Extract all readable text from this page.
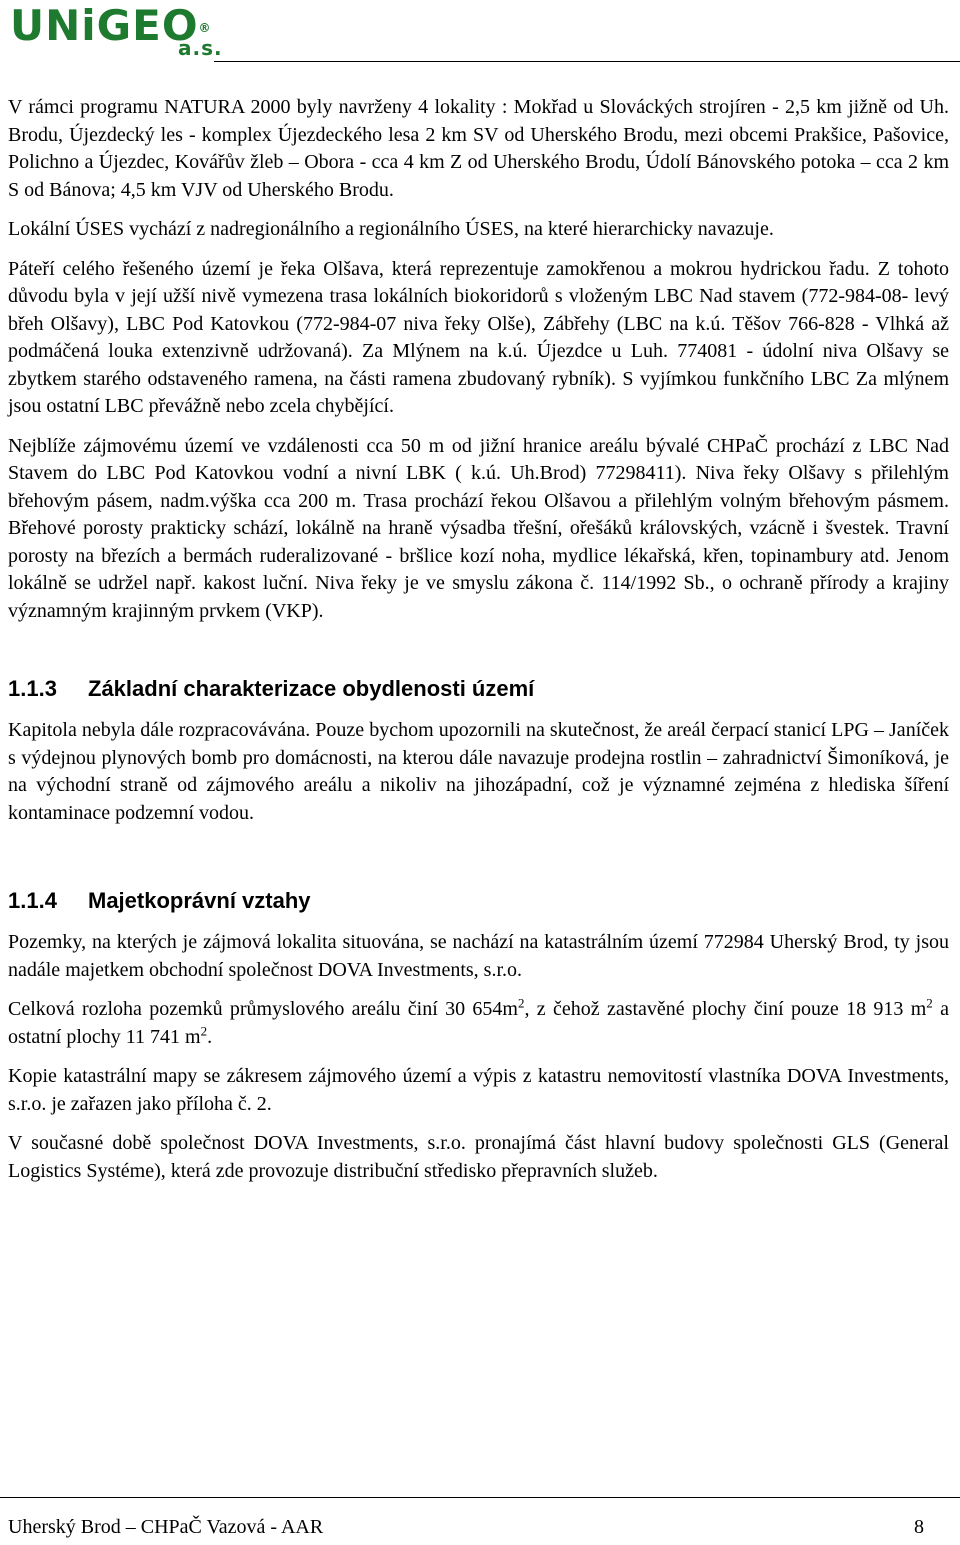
UNiGEO®
a.s.

V rámci programu NATURA 2000 byly navrženy 4 lokality : Mokřad u Slováckých strojíren - 2,5 km jižně od Uh. Brodu, Újezdecký les - komplex Újezdeckého lesa 2 km SV od Uherského Brodu, mezi obcemi Prakšice, Pašovice, Polichno a Újezdec, Kovářův žleb – Obora - cca 4 km Z od Uherského Brodu, Údolí Bánovského potoka – cca 2 km S od Bánova; 4,5 km VJV od Uherského Brodu.

Lokální ÚSES vychází z nadregionálního a regionálního ÚSES, na které hierarchicky navazuje.

Páteří celého řešeného území je řeka Olšava, která reprezentuje zamokřenou a mokrou hydrickou řadu. Z tohoto důvodu byla v její užší nivě vymezena trasa lokálních biokoridorů s vloženým LBC Nad stavem (772-984-08- levý břeh Olšavy), LBC Pod Katovkou (772-984-07 niva řeky Olše), Zábřehy (LBC na k.ú. Těšov 766-828 - Vlhká až podmáčená louka extenzivně udržovaná). Za Mlýnem na k.ú. Újezdce u Luh. 774081 - údolní niva Olšavy se zbytkem starého odstaveného ramena, na části ramena zbudovaný rybník). S vyjímkou funkčního LBC Za mlýnem jsou ostatní LBC převážně nebo zcela chybějící.

Nejblíže zájmovému území ve vzdálenosti cca 50 m od jižní hranice areálu bývalé CHPaČ prochází z LBC Nad Stavem do LBC Pod Katovkou vodní a nivní LBK ( k.ú. Uh.Brod) 77298411). Niva řeky Olšavy s přilehlým břehovým pásem, nadm.výška cca 200 m. Trasa prochází řekou Olšavou a přilehlým volným břehovým pásmem. Břehové porosty prakticky schází, lokálně na hraně výsadba třešní, ořešáků královských, vzácně i švestek. Travní porosty na březích a bermách ruderalizované - bršlice kozí noha, mydlice lékařská, křen, topinambury atd. Jenom lokálně se udržel např. kakost luční. Niva řeky je ve smyslu zákona č. 114/1992 Sb., o ochraně přírody a krajiny významným krajinným prvkem (VKP).

1.1.3 Základní charakterizace obydlenosti území

Kapitola nebyla dále rozpracovávána. Pouze bychom upozornili na skutečnost, že areál čerpací stanicí LPG – Janíček s výdejnou plynových bomb pro domácnosti, na kterou dále navazuje prodejna rostlin – zahradnictví Šimoníková, je na východní straně od zájmového areálu a nikoliv na jihozápadní, což je významné zejména z hlediska šíření kontaminace podzemní vodou.

1.1.4 Majetkoprávní vztahy

Pozemky, na kterých je zájmová lokalita situována, se nachází na katastrálním území 772984 Uherský Brod, ty jsou nadále majetkem obchodní společnost DOVA Investments, s.r.o.

Celková rozloha pozemků průmyslového areálu činí 30 $654m^2$, z čehož zastavěné plochy činí pouze 18 913 $m^2$ a ostatní plochy 11 741 $m^2$.

Kopie katastrální mapy se zákresem zájmového území a výpis z katastru nemovitostí vlastníka DOVA Investments, s.r.o. je zařazen jako příloha č. 2.

V současné době společnost DOVA Investments, s.r.o. pronajímá část hlavní budovy společnosti GLS (General Logistics Systéme), která zde provozuje distribuční středisko přepravních služeb.

Uherský Brod – CHPaČ Vazová - AAR	8
